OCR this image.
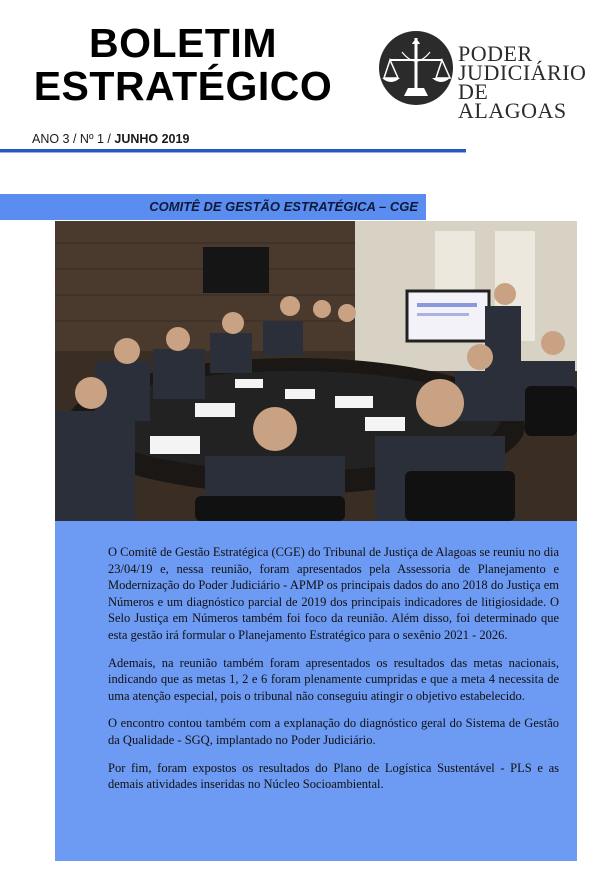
BOLETIM
ESTRATÉGICO
PODER
JUDICIÁRIO
DE ALAGOAS
ANO 3 / Nº 1 / JUNHO 2019
COMITÊ DE GESTÃO ESTRATÉGICA – CGE

O Comitê de Gestão Estratégica (CGE) do Tribunal de Justiça de Alagoas se reuniu no dia 23/04/19 e, nessa reunião, foram apresentados pela Assessoria de Planejamento e Modernização do Poder Judiciário - APMP os principais dados do ano 2018 do Justiça em Números e um diagnóstico parcial de 2019 dos principais indicadores de litigiosidade. O Selo Justiça em Números também foi foco da reunião. Além disso, foi determinado que esta gestão irá formular o Planejamento Estratégico para o sexênio 2021 - 2026.

Ademais, na reunião também foram apresentados os resultados das metas nacionais, indicando que as metas 1, 2 e 6 foram plenamente cumpridas e que a meta 4 necessita de uma atenção especial, pois o tribunal não conseguiu atingir o objetivo estabelecido.

O encontro contou também com a explanação do diagnóstico geral do Sistema de Gestão da Qualidade - SGQ, implantado no Poder Judiciário.

Por fim, foram expostos os resultados do Plano de Logística Sustentável - PLS e as demais atividades inseridas no Núcleo Socioambiental.
